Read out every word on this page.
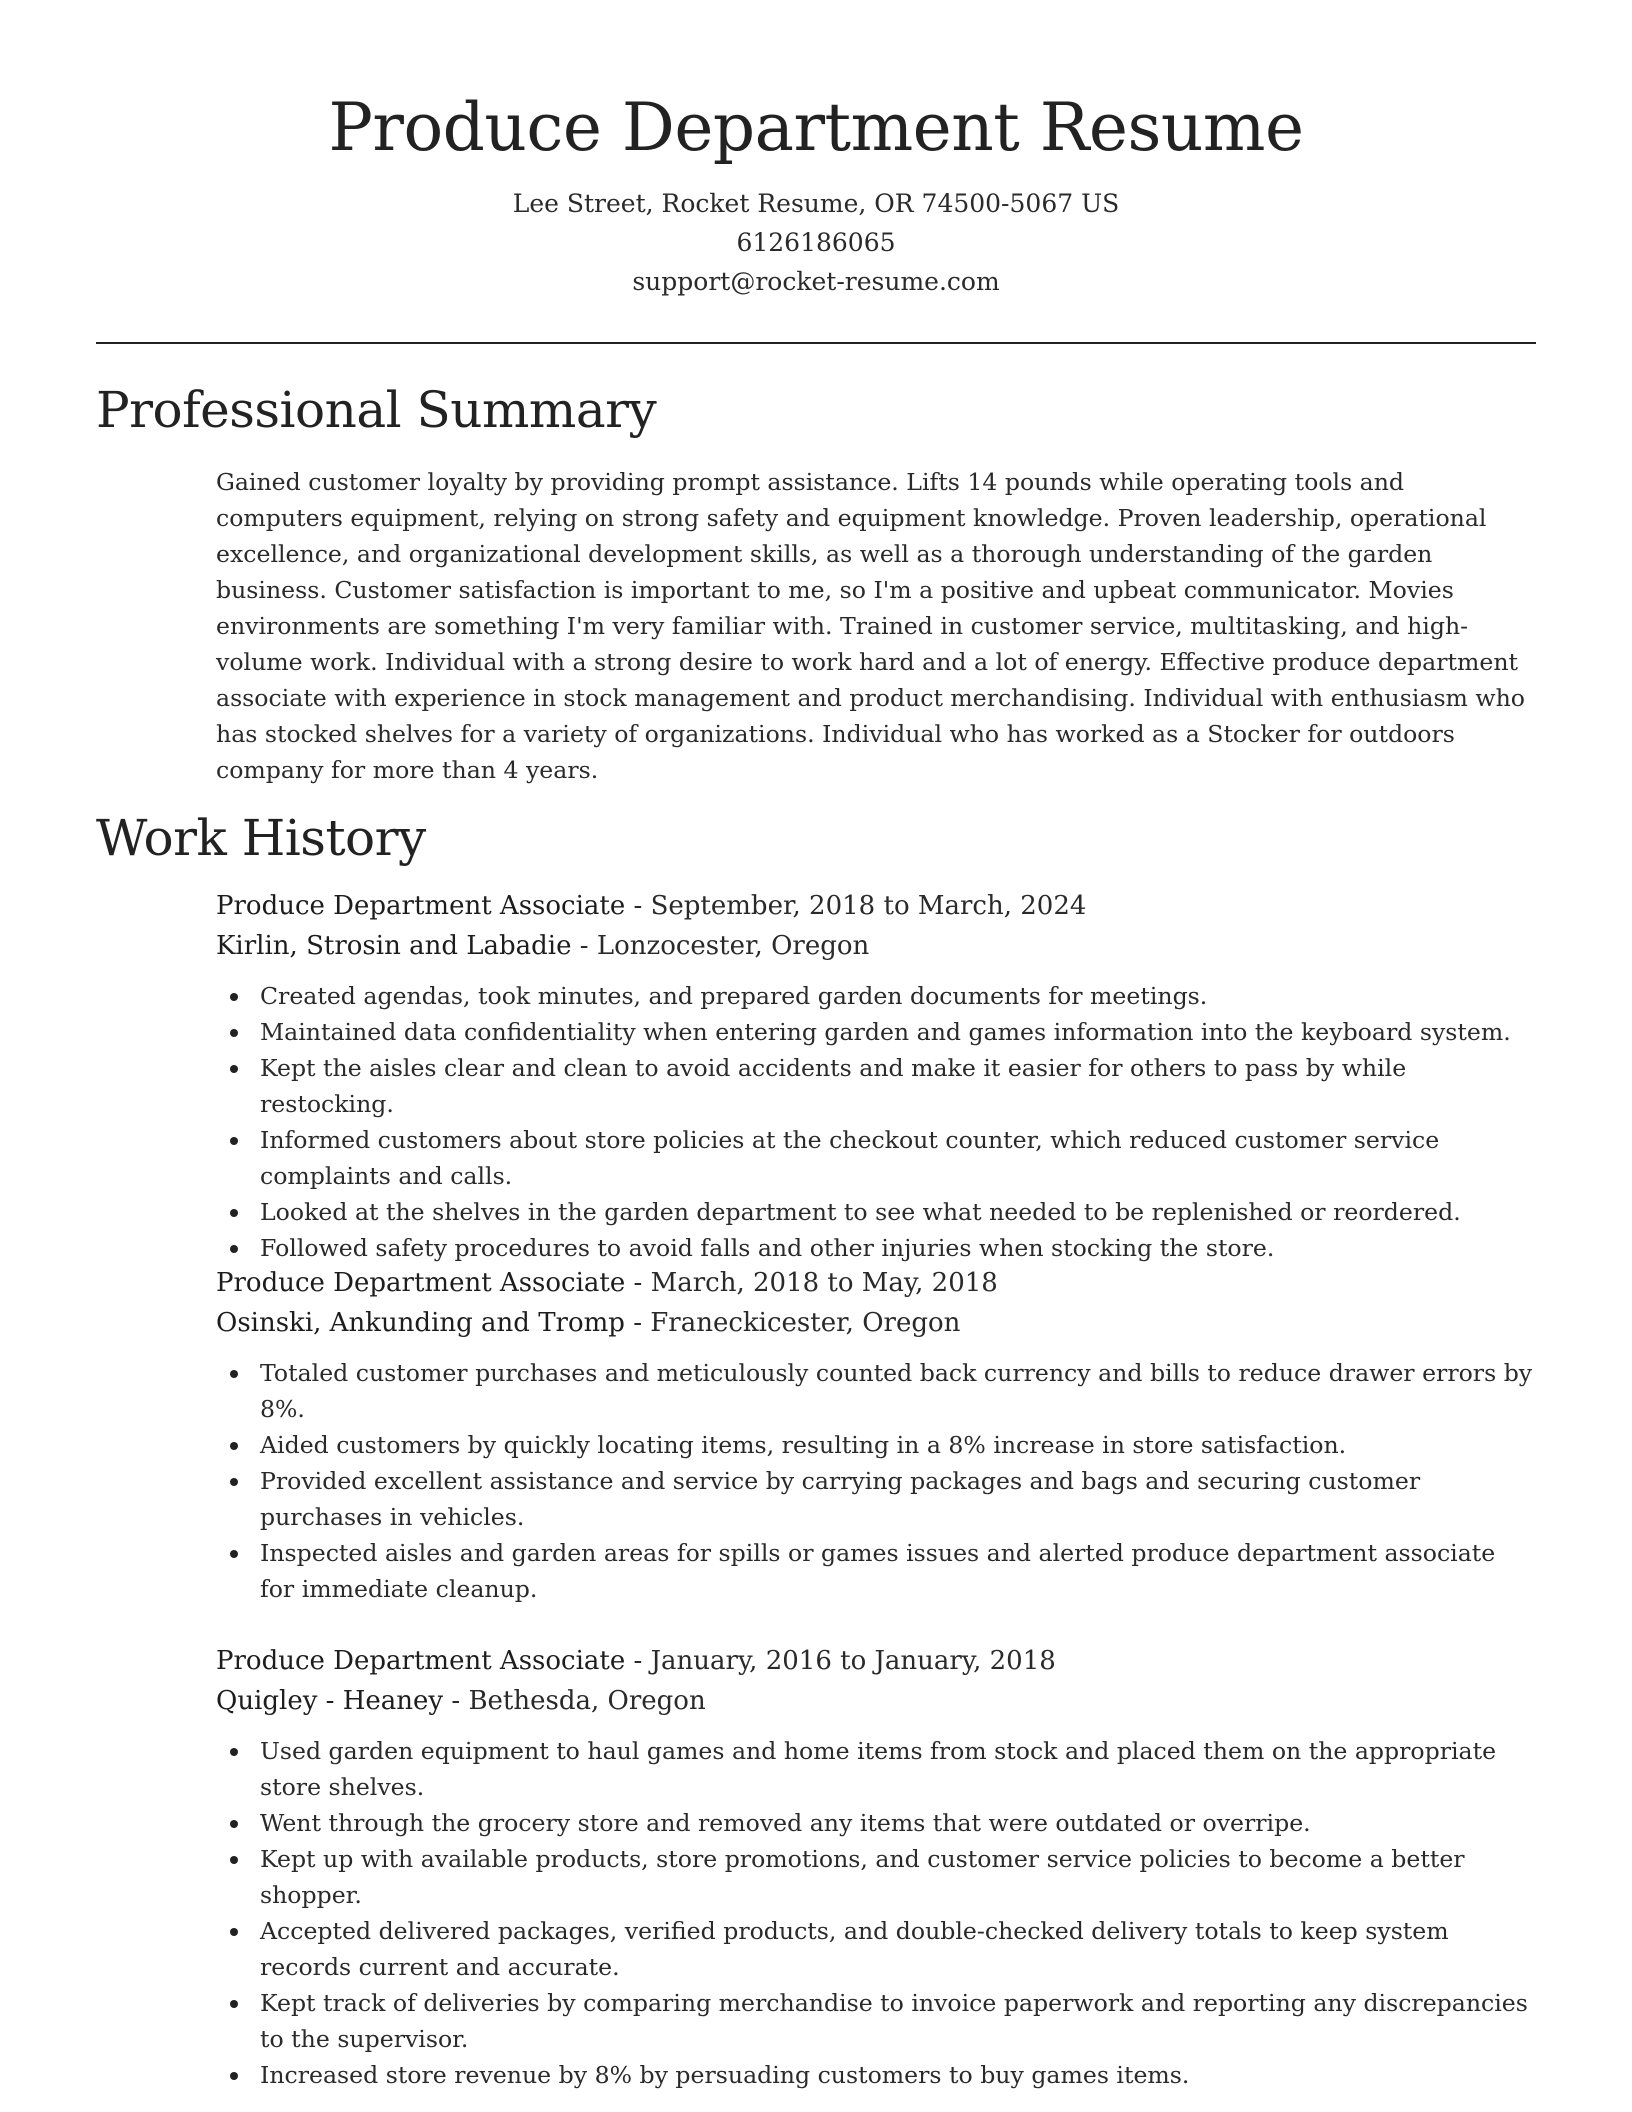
Produce Department Resume
Lee Street, Rocket Resume, OR 74500-5067 US
6126186065
support@rocket-resume.com
Professional Summary

Gained customer loyalty by providing prompt assistance. Lifts 14 pounds while operating tools and computers equipment, relying on strong safety and equipment knowledge. Proven leadership, operational excellence, and organizational development skills, as well as a thorough understanding of the garden business. Customer satisfaction is important to me, so I'm a positive and upbeat communicator. Movies environments are something I'm very familiar with. Trained in customer service, multitasking, and high-volume work. Individual with a strong desire to work hard and a lot of energy. Effective produce department associate with experience in stock management and product merchandising. Individual with enthusiasm who has stocked shelves for a variety of organizations. Individual who has worked as a Stocker for outdoors company for more than 4 years.

Work History
Produce Department Associate - September, 2018 to March, 2024
Kirlin, Strosin and Labadie - Lonzocester, Oregon
Created agendas, took minutes, and prepared garden documents for meetings.
Maintained data confidentiality when entering garden and games information into the keyboard system.
Kept the aisles clear and clean to avoid accidents and make it easier for others to pass by while restocking.
Informed customers about store policies at the checkout counter, which reduced customer service complaints and calls.
Looked at the shelves in the garden department to see what needed to be replenished or reordered.
Followed safety procedures to avoid falls and other injuries when stocking the store.
Produce Department Associate - March, 2018 to May, 2018
Osinski, Ankunding and Tromp - Franeckicester, Oregon
Totaled customer purchases and meticulously counted back currency and bills to reduce drawer errors by 8%.
Aided customers by quickly locating items, resulting in a 8% increase in store satisfaction.
Provided excellent assistance and service by carrying packages and bags and securing customer purchases in vehicles.
Inspected aisles and garden areas for spills or games issues and alerted produce department associate for immediate cleanup.
Produce Department Associate - January, 2016 to January, 2018
Quigley - Heaney - Bethesda, Oregon
Used garden equipment to haul games and home items from stock and placed them on the appropriate store shelves.
Went through the grocery store and removed any items that were outdated or overripe.
Kept up with available products, store promotions, and customer service policies to become a better shopper.
Accepted delivered packages, verified products, and double-checked delivery totals to keep system records current and accurate.
Kept track of deliveries by comparing merchandise to invoice paperwork and reporting any discrepancies to the supervisor.
Increased store revenue by 8% by persuading customers to buy games items.
